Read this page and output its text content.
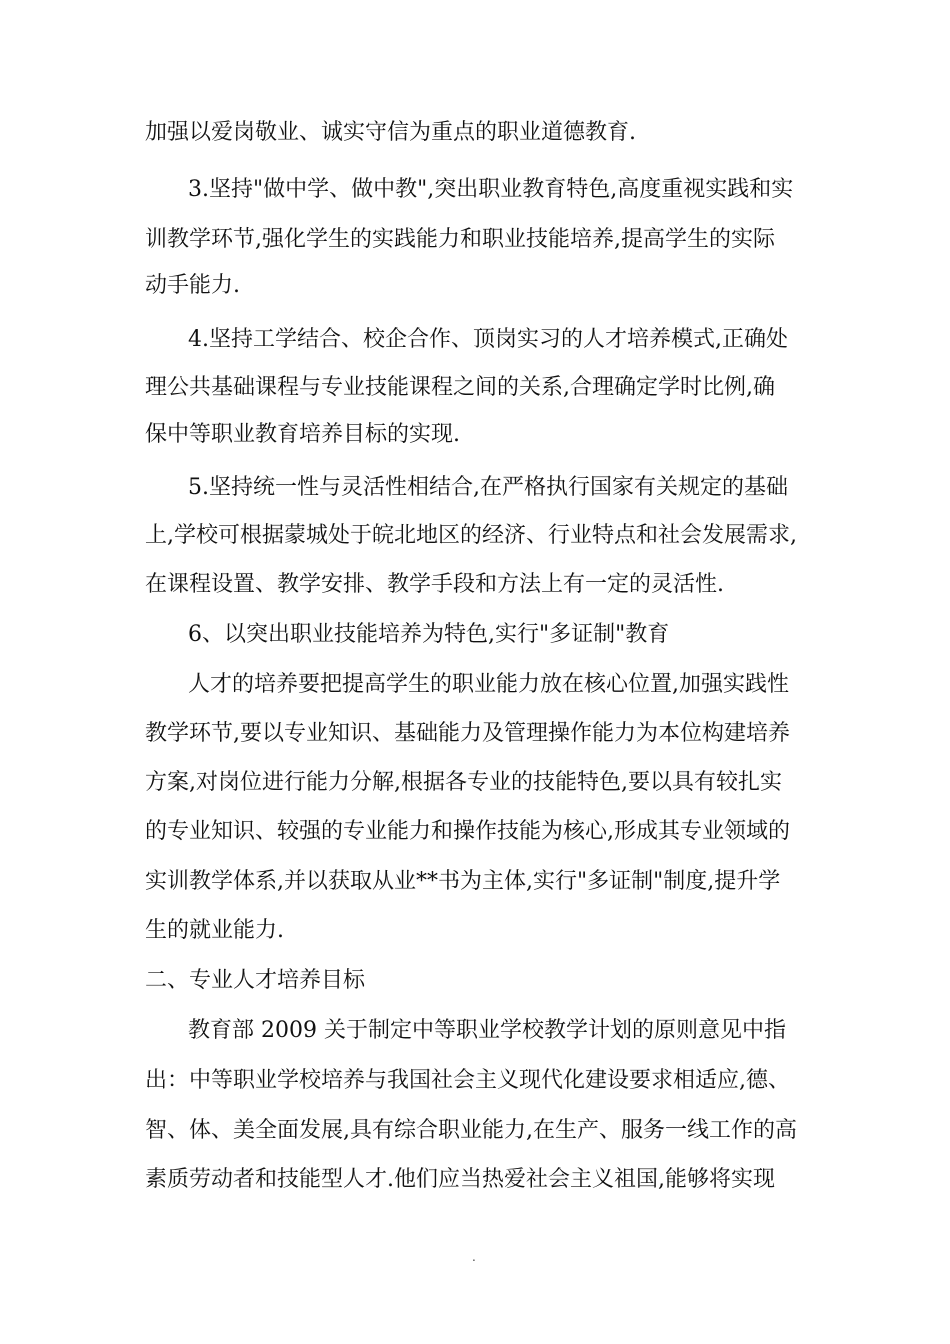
加强以爱岗敬业、诚实守信为重点的职业道德教育.
3.坚持"做中学、做中教",突出职业教育特色,高度重视实践和实
训教学环节,强化学生的实践能力和职业技能培养,提高学生的实际
动手能力.
4.坚持工学结合、校企合作、顶岗实习的人才培养模式,正确处
理公共基础课程与专业技能课程之间的关系,合理确定学时比例,确
保中等职业教育培养目标的实现.
5.坚持统一性与灵活性相结合,在严格执行国家有关规定的基础
上,学校可根据蒙城处于皖北地区的经济、行业特点和社会发展需求,
在课程设置、教学安排、教学手段和方法上有一定的灵活性.
6、以突出职业技能培养为特色,实行"多证制"教育
人才的培养要把提高学生的职业能力放在核心位置,加强实践性
教学环节,要以专业知识、基础能力及管理操作能力为本位构建培养
方案,对岗位进行能力分解,根据各专业的技能特色,要以具有较扎实
的专业知识、较强的专业能力和操作技能为核心,形成其专业领域的
实训教学体系,并以获取从业**书为主体,实行"多证制"制度,提升学
生的就业能力.
二、专业人才培养目标
教育部 2009 关于制定中等职业学校教学计划的原则意见中指
出：中等职业学校培养与我国社会主义现代化建设要求相适应,德、
智、体、美全面发展,具有综合职业能力,在生产、服务一线工作的高
素质劳动者和技能型人才.他们应当热爱社会主义祖国,能够将实现
.
